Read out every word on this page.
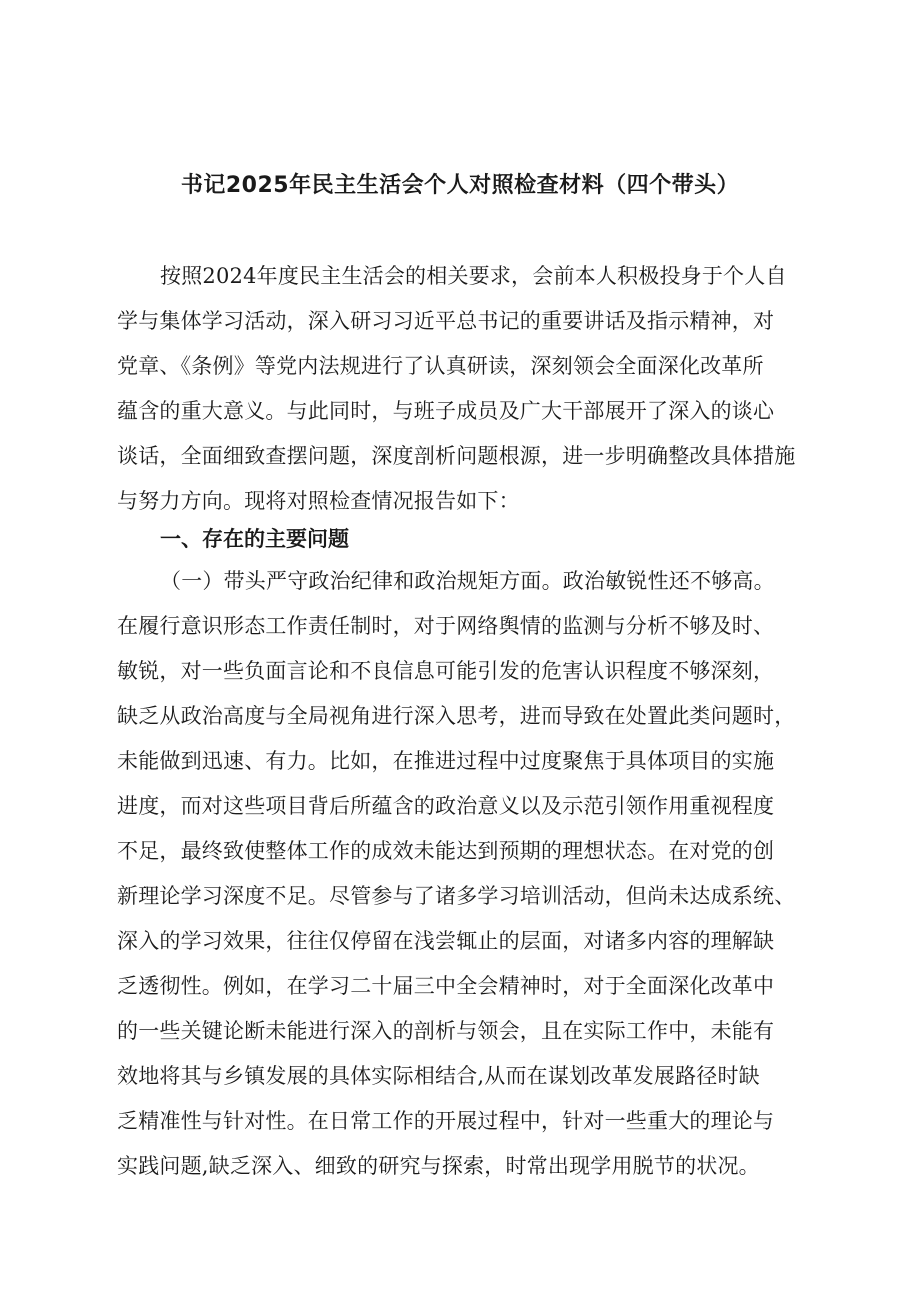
书记2025年民主生活会个人对照检查材料（四个带头）

按照2024年度民主生活会的相关要求，会前本人积极投身于个人自

学与集体学习活动，深入研习习近平总书记的重要讲话及指示精神，对

党章、《条例》等党内法规进行了认真研读，深刻领会全面深化改革所

蕴含的重大意义。与此同时，与班子成员及广大干部展开了深入的谈心

谈话，全面细致查摆问题，深度剖析问题根源，进一步明确整改具体措施

与努力方向。现将对照检查情况报告如下：

一、存在的主要问题

（一）带头严守政治纪律和政治规矩方面。政治敏锐性还不够高。

在履行意识形态工作责任制时，对于网络舆情的监测与分析不够及时、

敏锐，对一些负面言论和不良信息可能引发的危害认识程度不够深刻，

缺乏从政治高度与全局视角进行深入思考，进而导致在处置此类问题时，

未能做到迅速、有力。比如，在推进过程中过度聚焦于具体项目的实施

进度，而对这些项目背后所蕴含的政治意义以及示范引领作用重视程度

不足，最终致使整体工作的成效未能达到预期的理想状态。在对党的创

新理论学习深度不足。尽管参与了诸多学习培训活动，但尚未达成系统、

深入的学习效果，往往仅停留在浅尝辄止的层面，对诸多内容的理解缺

乏透彻性。例如，在学习二十届三中全会精神时，对于全面深化改革中

的一些关键论断未能进行深入的剖析与领会，且在实际工作中，未能有

效地将其与乡镇发展的具体实际相结合,从而在谋划改革发展路径时缺

乏精准性与针对性。在日常工作的开展过程中，针对一些重大的理论与

实践问题,缺乏深入、细致的研究与探索，时常出现学用脱节的状况。
